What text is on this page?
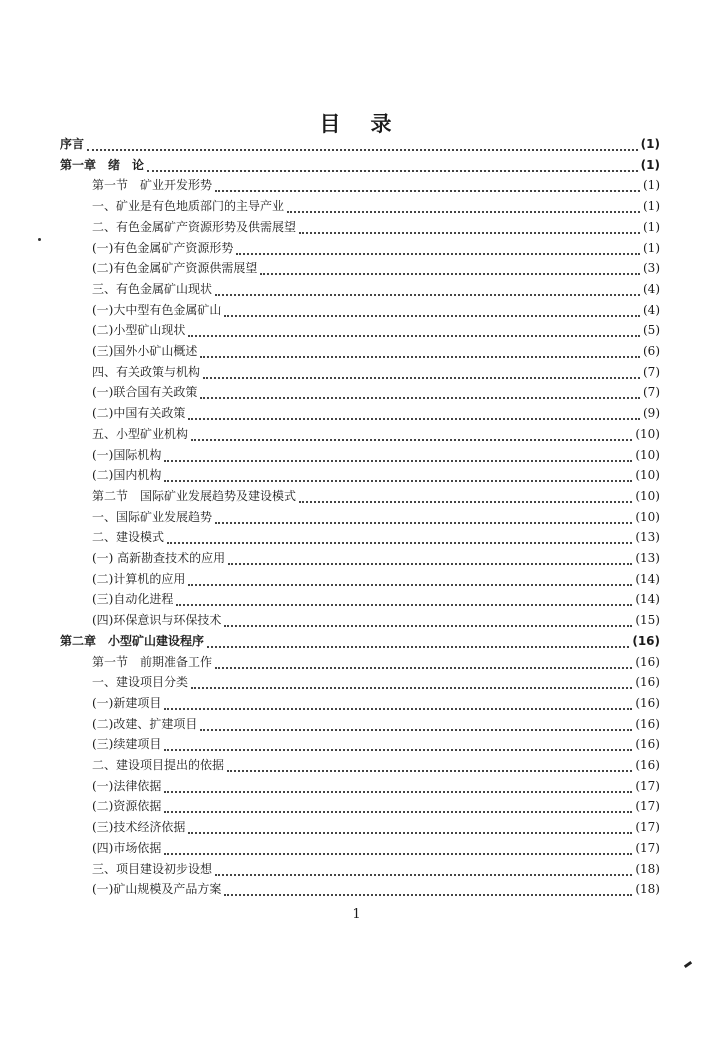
目 录
序言	(1)
第一章　绪　论	(1)
第一节　矿业开发形势	(1)
一、矿业是有色地质部门的主导产业	(1)
二、有色金属矿产资源形势及供需展望	(1)
(一)有色金属矿产资源形势	(1)
(二)有色金属矿产资源供需展望	(3)
三、有色金属矿山现状	(4)
(一)大中型有色金属矿山	(4)
(二)小型矿山现状	(5)
(三)国外小矿山概述	(6)
四、有关政策与机构	(7)
(一)联合国有关政策	(7)
(二)中国有关政策	(9)
五、小型矿业机构	(10)
(一)国际机构	(10)
(二)国内机构	(10)
第二节　国际矿业发展趋势及建设模式	(10)
一、国际矿业发展趋势	(10)
二、建设模式	(13)
(一) 高新勘查技术的应用	(13)
(二)计算机的应用	(14)
(三)自动化进程	(14)
(四)环保意识与环保技术	(15)
第二章　小型矿山建设程序	(16)
第一节　前期准备工作	(16)
一、建设项目分类	(16)
(一)新建项目	(16)
(二)改建、扩建项目	(16)
(三)续建项目	(16)
二、建设项目提出的依据	(16)
(一)法律依据	(17)
(二)资源依据	(17)
(三)技术经济依据	(17)
(四)市场依据	(17)
三、项目建设初步设想	(18)
(一)矿山规模及产品方案	(18)
1
